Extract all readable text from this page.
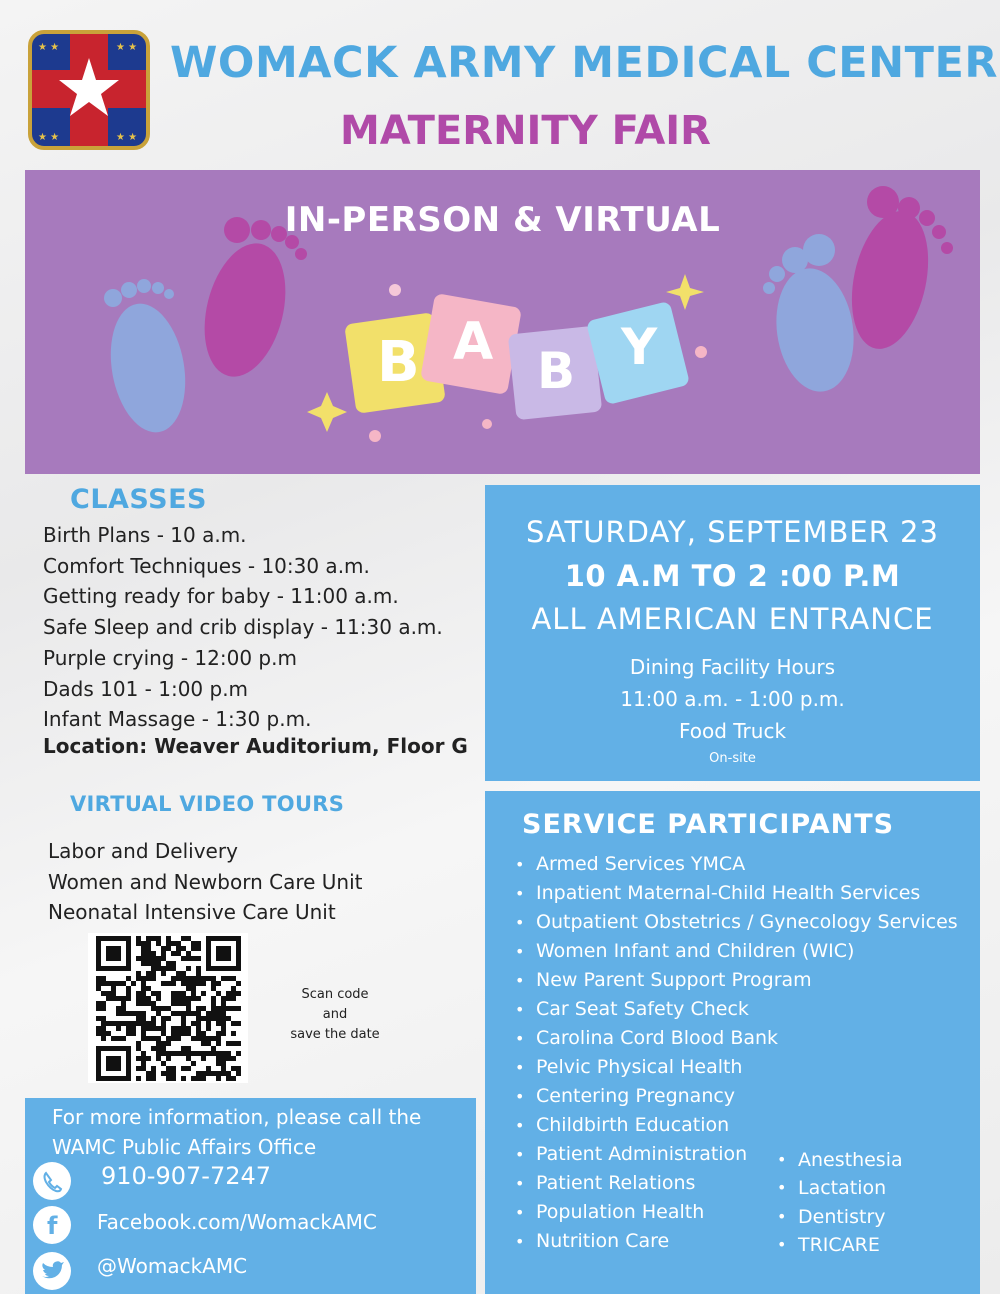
★ ★	★ ★
★ ★	★ ★
WOMACK ARMY MEDICAL CENTER
MATERNITY FAIR
IN-PERSON & VIRTUAL
B A B Y
CLASSES
Birth Plans - 10 a.m.
Comfort Techniques - 10:30 a.m.
Getting ready for baby - 11:00 a.m.
Safe Sleep and crib display - 11:30 a.m.
Purple crying - 12:00 p.m
Dads 101 - 1:00 p.m
Infant Massage - 1:30 p.m.
Location: Weaver Auditorium, Floor G
VIRTUAL VIDEO TOURS
Labor and Delivery
Women and Newborn Care Unit
Neonatal Intensive Care Unit
Scan code
and
save the date
For more information, please call the
WAMC Public Affairs Office
910-907-7247
f Facebook.com/WomackAMC
@WomackAMC
SATURDAY, SEPTEMBER 23
10 A.M TO 2 :00 P.M
ALL AMERICAN ENTRANCE
Dining Facility Hours
11:00 a.m. - 1:00 p.m.
Food Truck
On-site
SERVICE PARTICIPANTS
• Armed Services YMCA
• Inpatient Maternal-Child Health Services
• Outpatient Obstetrics / Gynecology Services
• Women Infant and Children (WIC)
• New Parent Support Program
• Car Seat Safety Check
• Carolina Cord Blood Bank
• Pelvic Physical Health
• Centering Pregnancy
• Childbirth Education
• Patient Administration
• Patient Relations
• Population Health
• Nutrition Care
• Anesthesia
• Lactation
• Dentistry
• TRICARE
